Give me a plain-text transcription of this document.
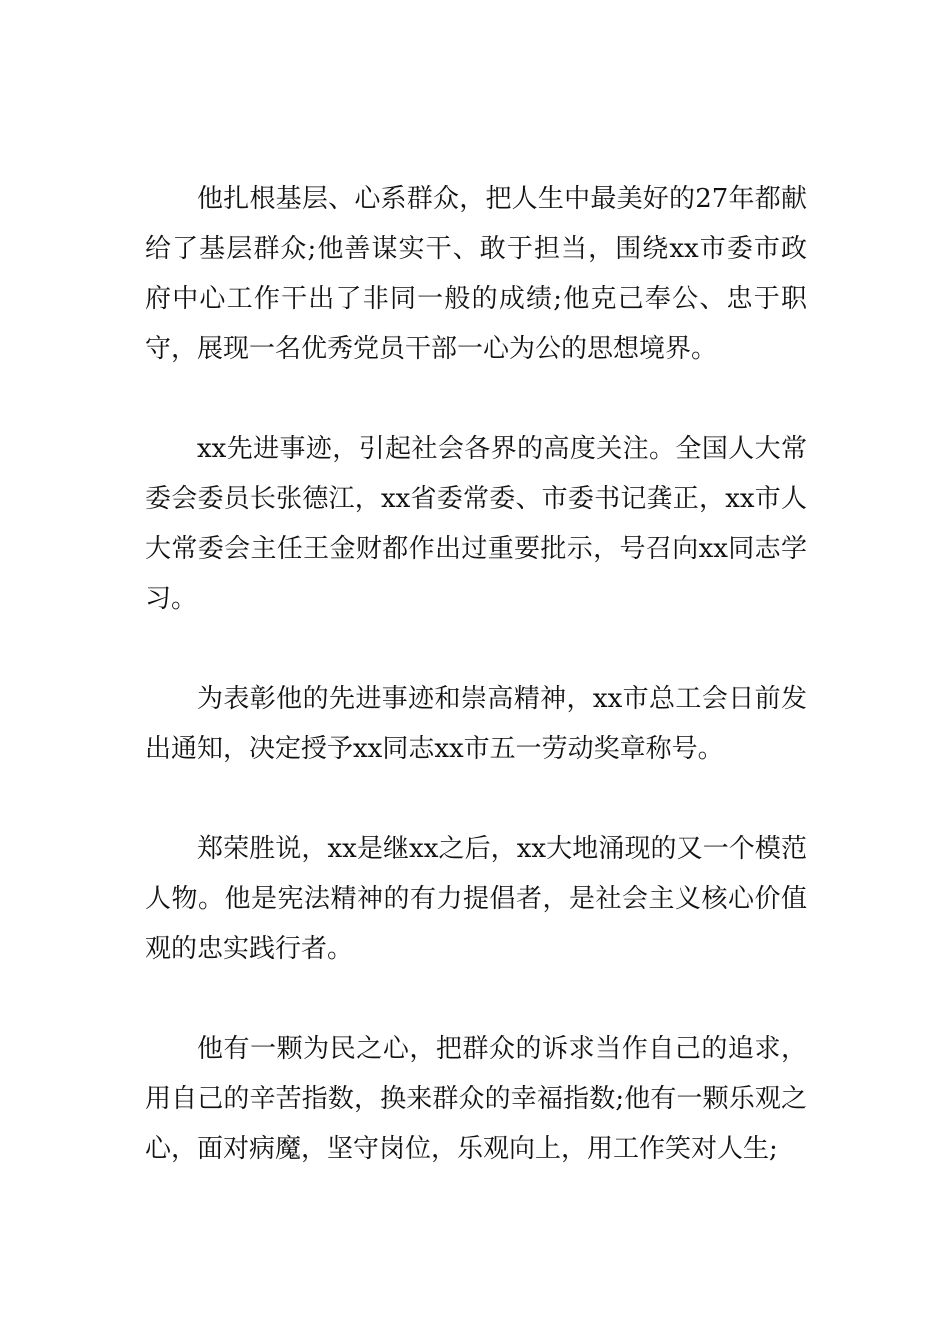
他扎根基层、心系群众，把人生中最美好的27年都献给了基层群众;他善谋实干、敢于担当，围绕xx市委市政府中心工作干出了非同一般的成绩;他克己奉公、忠于职守，展现一名优秀党员干部一心为公的思想境界。

xx先进事迹，引起社会各界的高度关注。全国人大常委会委员长张德江，xx省委常委、市委书记龚正，xx市人大常委会主任王金财都作出过重要批示，号召向xx同志学习。

为表彰他的先进事迹和崇高精神，xx市总工会日前发出通知，决定授予xx同志xx市五一劳动奖章称号。

郑荣胜说，xx是继xx之后，xx大地涌现的又一个模范人物。他是宪法精神的有力提倡者，是社会主义核心价值观的忠实践行者。

他有一颗为民之心，把群众的诉求当作自己的追求，用自己的辛苦指数，换来群众的幸福指数;他有一颗乐观之心，面对病魔，坚守岗位，乐观向上，用工作笑对人生;
